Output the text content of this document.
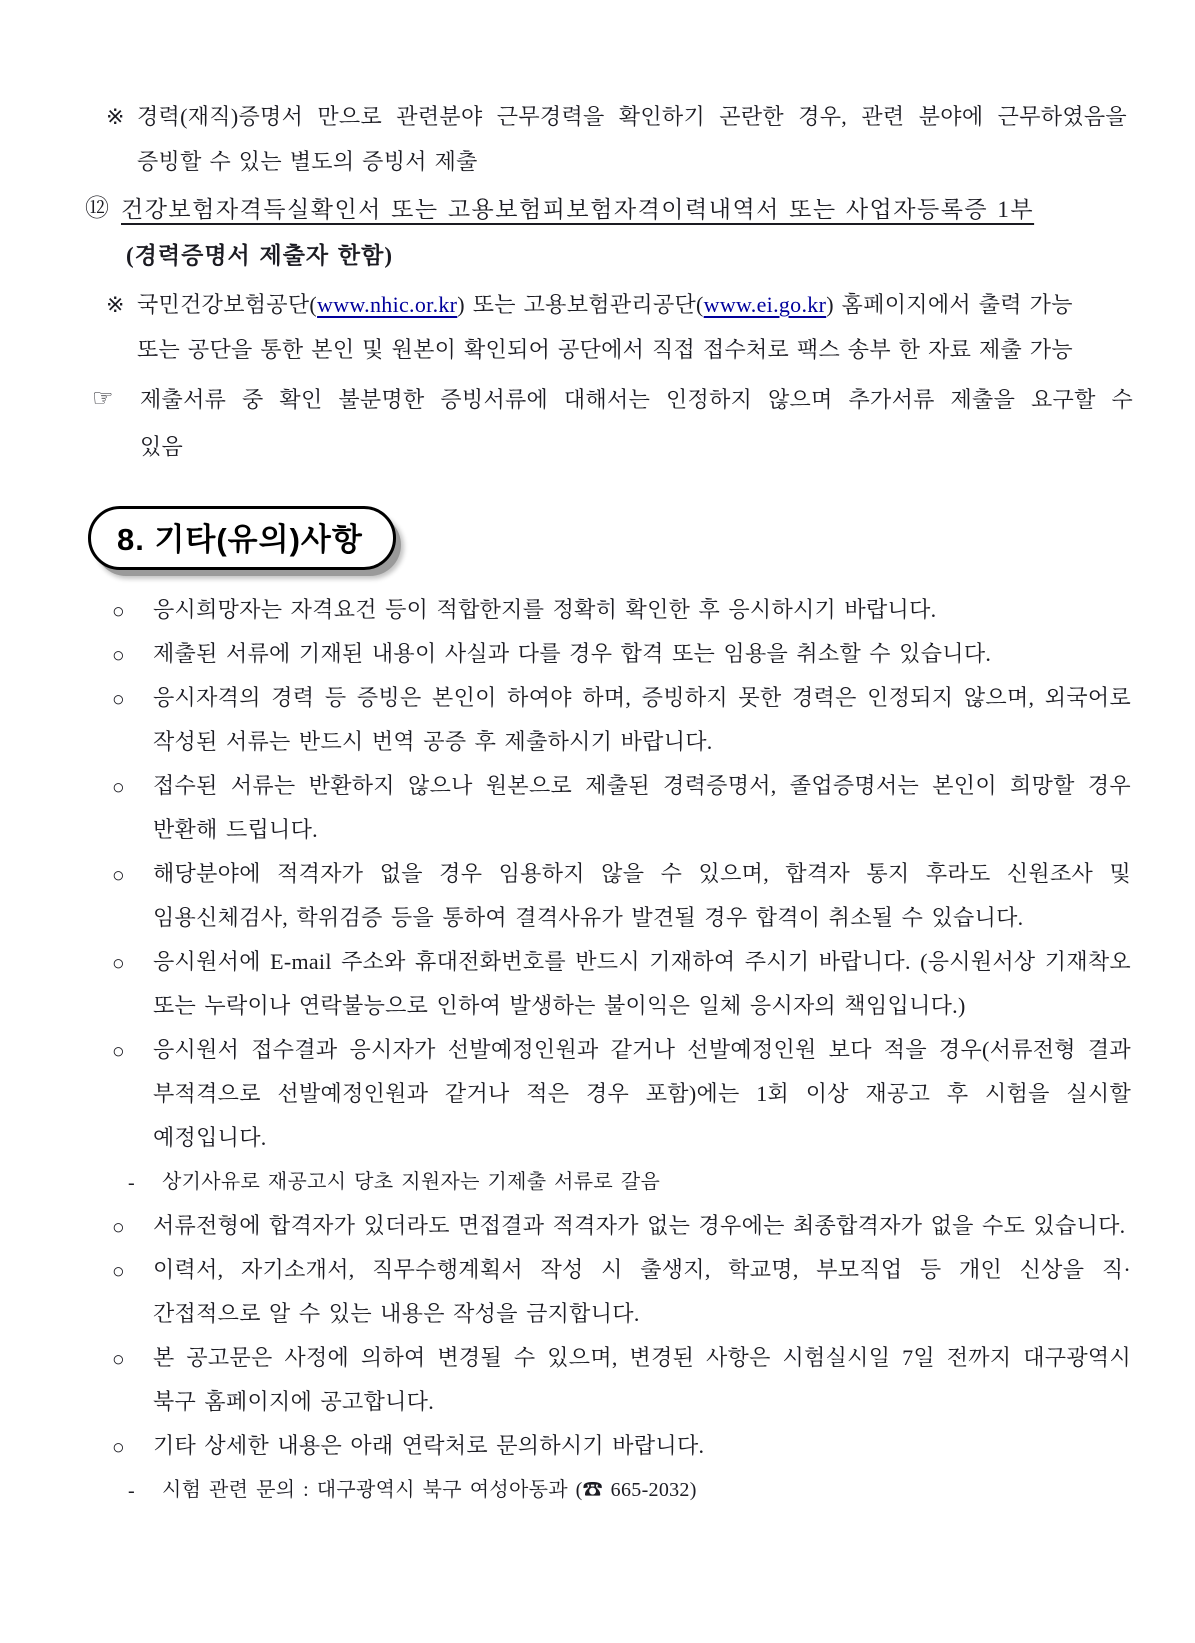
※ 경력(재직)증명서 만으로 관련분야 근무경력을 확인하기 곤란한 경우, 관련 분야에 근무하였음을 증빙할 수 있는 별도의 증빙서 제출
⑫ 건강보험자격득실확인서 또는 고용보험피보험자격이력내역서 또는 사업자등록증 1부
(경력증명서 제출자 한함)
※ 국민건강보험공단(www.nhic.or.kr) 또는 고용보험관리공단(www.ei.go.kr) 홈페이지에서 출력 가능
또는 공단을 통한 본인 및 원본이 확인되어 공단에서 직접 접수처로 팩스 송부 한 자료 제출 가능
☞ 제출서류 중 확인 불분명한 증빙서류에 대해서는 인정하지 않으며 추가서류 제출을 요구할 수 있음
8. 기타(유의)사항
○ 응시희망자는 자격요건 등이 적합한지를 정확히 확인한 후 응시하시기 바랍니다.
○ 제출된 서류에 기재된 내용이 사실과 다를 경우 합격 또는 임용을 취소할 수 있습니다.
○ 응시자격의 경력 등 증빙은 본인이 하여야 하며, 증빙하지 못한 경력은 인정되지 않으며, 외국어로 작성된 서류는 반드시 번역 공증 후 제출하시기 바랍니다.
○ 접수된 서류는 반환하지 않으나 원본으로 제출된 경력증명서, 졸업증명서는 본인이 희망할 경우 반환해 드립니다.
○ 해당분야에 적격자가 없을 경우 임용하지 않을 수 있으며, 합격자 통지 후라도 신원조사 및 임용신체검사, 학위검증 등을 통하여 결격사유가 발견될 경우 합격이 취소될 수 있습니다.
○ 응시원서에 E-mail 주소와 휴대전화번호를 반드시 기재하여 주시기 바랍니다. (응시원서상 기재착오 또는 누락이나 연락불능으로 인하여 발생하는 불이익은 일체 응시자의 책임입니다.)
○ 응시원서 접수결과 응시자가 선발예정인원과 같거나 선발예정인원 보다 적을 경우(서류전형 결과 부적격으로 선발예정인원과 같거나 적은 경우 포함)에는 1회 이상 재공고 후 시험을 실시할 예정입니다.
- 상기사유로 재공고시 당초 지원자는 기제출 서류로 갈음
○ 서류전형에 합격자가 있더라도 면접결과 적격자가 없는 경우에는 최종합격자가 없을 수도 있습니다.
○ 이력서, 자기소개서, 직무수행계획서 작성 시 출생지, 학교명, 부모직업 등 개인 신상을 직·간접적으로 알 수 있는 내용은 작성을 금지합니다.
○ 본 공고문은 사정에 의하여 변경될 수 있으며, 변경된 사항은 시험실시일 7일 전까지 대구광역시 북구 홈페이지에 공고합니다.
○ 기타 상세한 내용은 아래 연락처로 문의하시기 바랍니다.
- 시험 관련 문의 : 대구광역시 북구 여성아동과 (☎ 665-2032)
